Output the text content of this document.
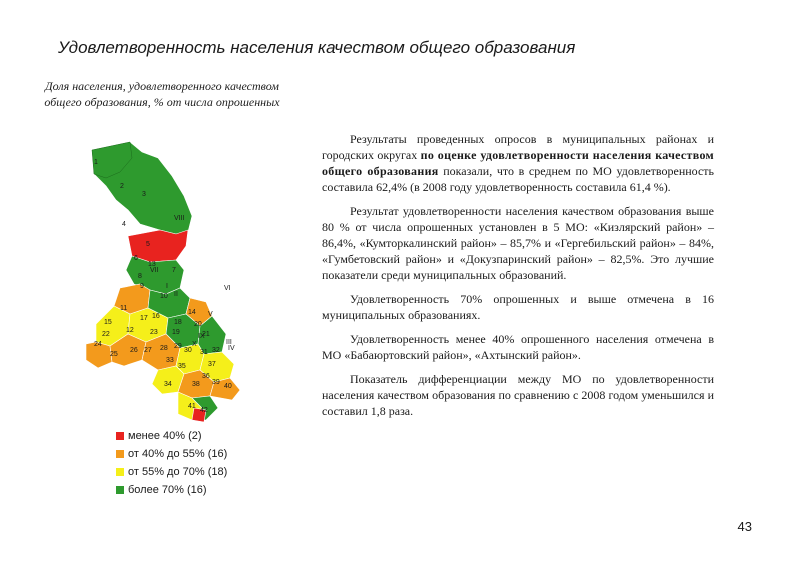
Удовлетворенность населения качеством общего образования
Доля населения, удовлетворенного качеством общего образования, % от числа опрошенных
1
2
3
4
5
6
7
8
9
10
11
12
13
14
15
16
17
18
19
20
21
22	23
24
25
26 27 28 29
30 31 32
33
34
35
36
37
38 39
40
41
42
I
II
III
IV
V
VI
VII
VIII
IX
X
менее 40% (2)
от 40% до 55% (16)
от 55% до 70% (18)
более 70% (16)

Результаты проведенных опросов в муниципальных районах и городских округах по оценке удовлетворенности населения качеством общего образования показали, что в среднем по МО удовлетворенность составила 62,4% (в 2008 году удовлетворенность составила 61,4 %).

Результат удовлетворенности населения качеством образования выше 80 % от числа опрошенных установлен в 5 МО: «Кизлярский район» – 86,4%, «Кумторкалинский район» – 85,7% и «Гергебильский район» – 84%, «Гумбетовский район» и «Докузпаринский район» – 82,5%. Это лучшие показатели среди муниципальных образований.

Удовлетворенность 70% опрошенных и выше отмечена в 16 муниципальных образованиях.

Удовлетворенность менее 40% опрошенного населения отмечена в МО «Бабаюртовский район», «Ахтынский район».

Показатель дифференциации между МО по удовлетворенности населения качеством образования по сравнению с 2008 годом уменьшился и составил 1,8 раза.

43
